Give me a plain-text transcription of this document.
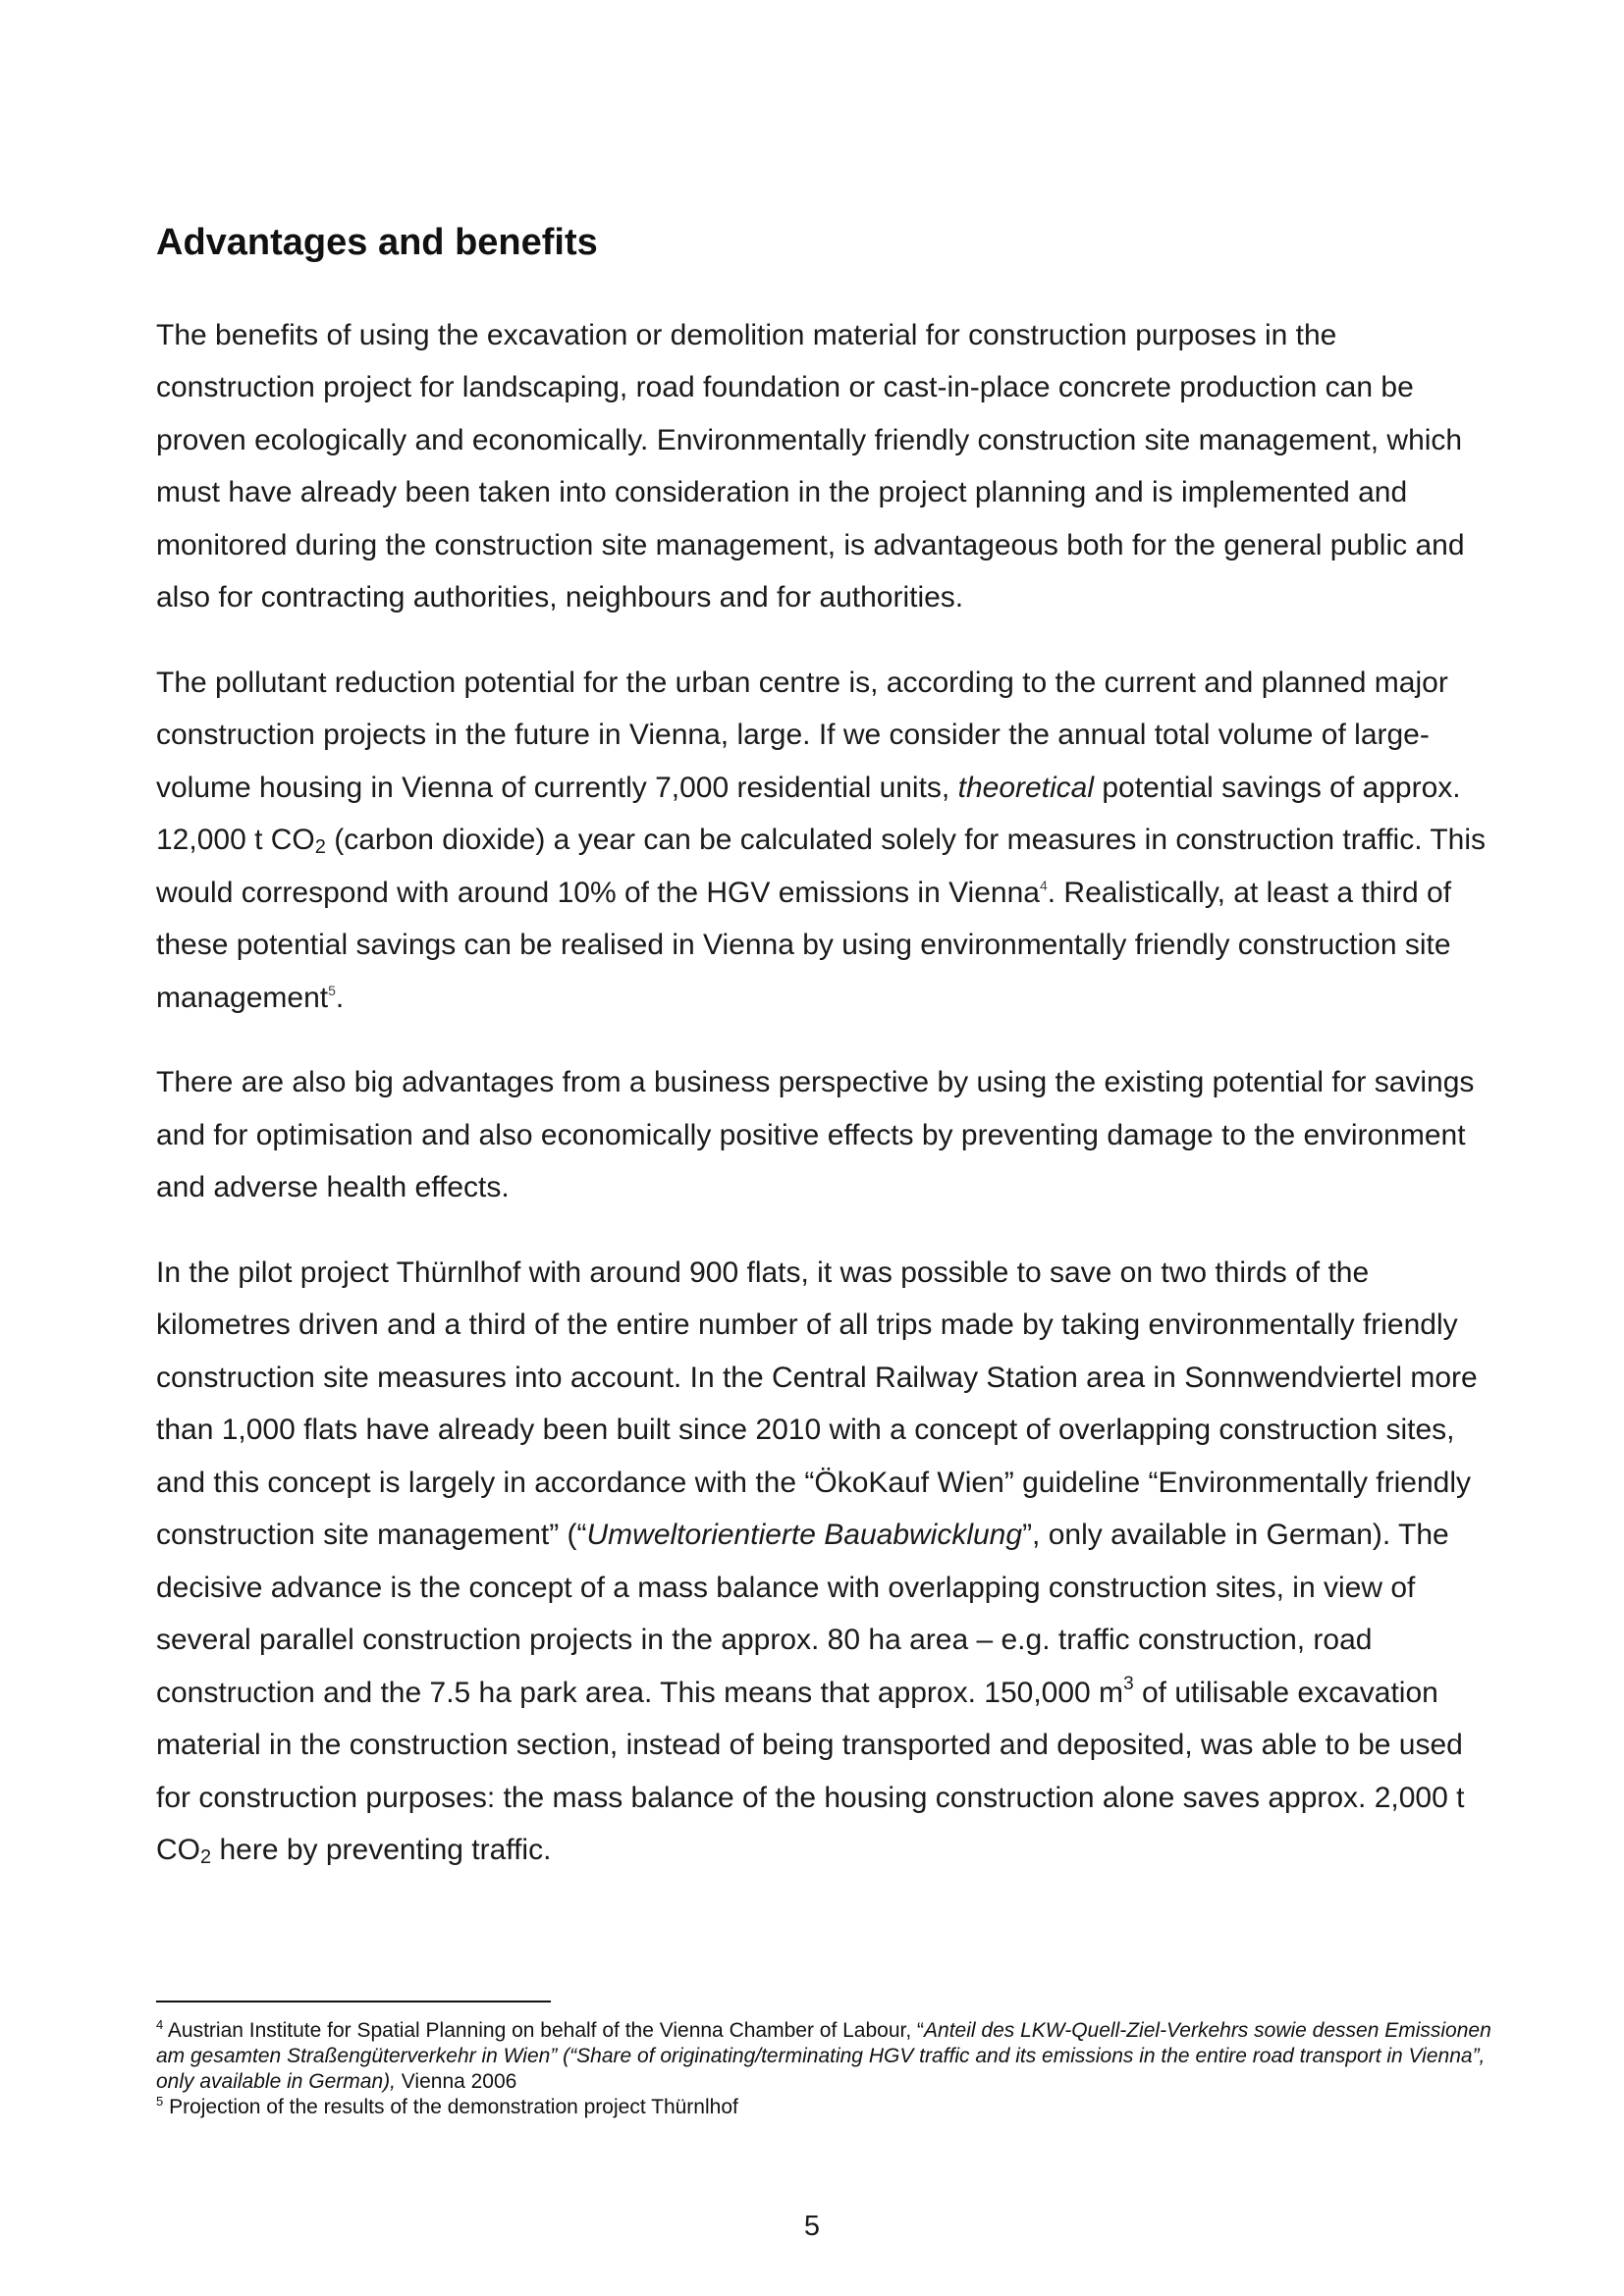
Advantages and benefits

The benefits of using the excavation or demolition material for construction purposes in the construction project for landscaping, road foundation or cast-in-place concrete production can be proven ecologically and economically. Environmentally friendly construction site management, which must have already been taken into consideration in the project planning and is implemented and monitored during the construction site management, is advantageous both for the general public and also for contracting authorities, neighbours and for authorities.

The pollutant reduction potential for the urban centre is, according to the current and planned major construction projects in the future in Vienna, large. If we consider the annual total volume of large-volume housing in Vienna of currently 7,000 residential units, theoretical potential savings of approx. 12,000 t $CO_2$ (carbon dioxide) a year can be calculated solely for measures in construction traffic. This would correspond with around 10% of the HGV emissions in Vienna$^4$. Realistically, at least a third of these potential savings can be realised in Vienna by using environmentally friendly construction site management$^5$.

There are also big advantages from a business perspective by using the existing potential for savings and for optimisation and also economically positive effects by preventing damage to the environment and adverse health effects.

In the pilot project Thürnlhof with around 900 flats, it was possible to save on two thirds of the kilometres driven and a third of the entire number of all trips made by taking environmentally friendly construction site measures into account. In the Central Railway Station area in Sonnwendviertel more than 1,000 flats have already been built since 2010 with a concept of overlapping construction sites, and this concept is largely in accordance with the “ÖkoKauf Wien” guideline “Environmentally friendly construction site management” (“Umweltorientierte Bauabwicklung”, only available in German). The decisive advance is the concept of a mass balance with overlapping construction sites, in view of several parallel construction projects in the approx. 80 ha area – e.g. traffic construction, road construction and the 7.5 ha park area. This means that approx. 150,000 $m^3$ of utilisable excavation material in the construction section, instead of being transported and deposited, was able to be used for construction purposes: the mass balance of the housing construction alone saves approx. 2,000 t $CO_2$ here by preventing traffic.

$^4$ Austrian Institute for Spatial Planning on behalf of the Vienna Chamber of Labour, “Anteil des LKW-Quell-Ziel-Verkehrs sowie dessen Emissionen am gesamten Straßengüterverkehr in Wien” (“Share of originating/terminating HGV traffic and its emissions in the entire road transport in Vienna”, only available in German), Vienna 2006

$^5$ Projection of the results of the demonstration project Thürnlhof

5
